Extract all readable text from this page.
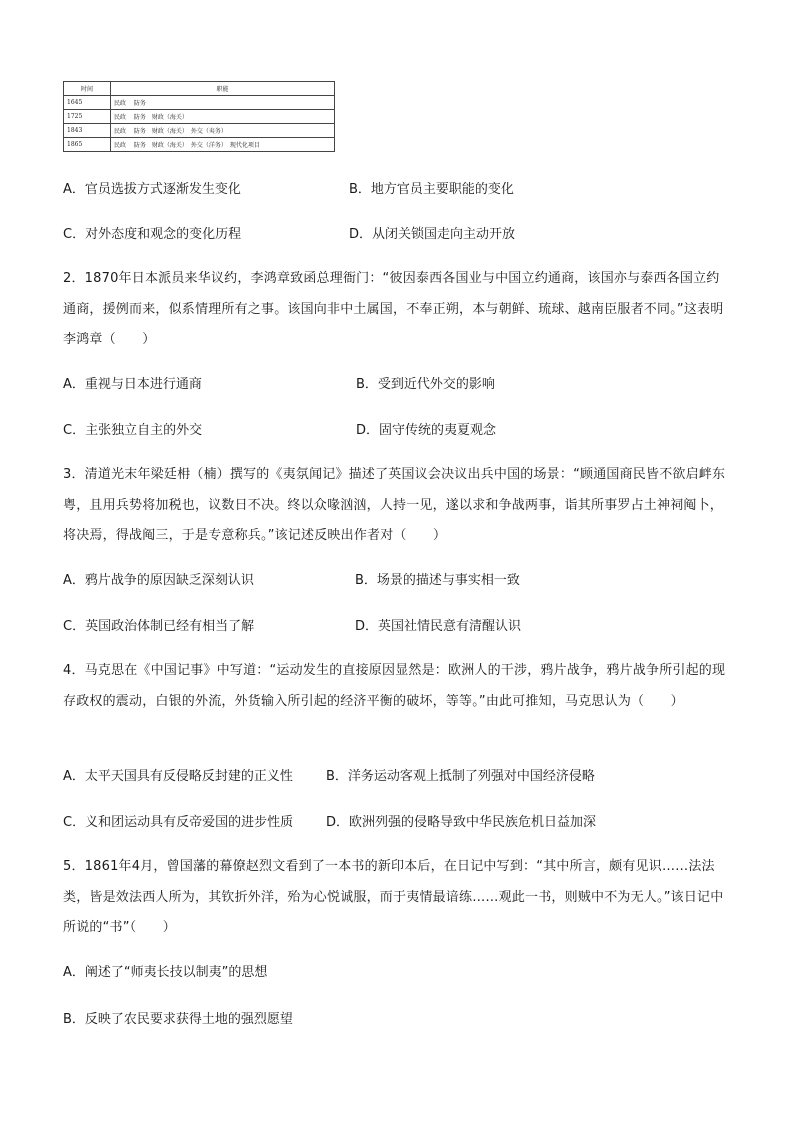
时间	职能
1645	民政　 防务
1725	民政　 防务　财政（海关）
1843	民政　 防务　财政（海关）　外交（夷务）
1865	民政　 防务　财政（海关）　外交（洋务）　现代化项目
A．官员选拔方式逐渐发生变化	B．地方官员主要职能的变化
C．对外态度和观念的变化历程	D．从闭关锁国走向主动开放
2．1870年日本派员来华议约，李鸿章致函总理衙门：“彼因泰西各国业与中国立约通商，该国亦与泰西各国立约通商，援例而来，似系情理所有之事。该国向非中土属国，不奉正朔，本与朝鲜、琉球、越南臣服者不同。”这表明李鸿章（　　）
A．重视与日本进行通商	B．受到近代外交的影响
C．主张独立自主的外交	D．固守传统的夷夏观念
3．清道光末年梁廷枏（楠）撰写的《夷氛闻记》描述了英国议会决议出兵中国的场景：“顾通国商民皆不欲启衅东粤，且用兵势将加税也，议数日不决。终以众喙汹汹，人持一见，遂以求和争战两事，诣其所事罗占土神祠阄卜，将决焉，得战阄三，于是专意称兵。”该记述反映出作者对（　　）
A．鸦片战争的原因缺乏深刻认识	B．场景的描述与事实相一致
C．英国政治体制已经有相当了解	D．英国社情民意有清醒认识
4．马克思在《中国记事》中写道：“运动发生的直接原因显然是：欧洲人的干涉，鸦片战争，鸦片战争所引起的现存政权的震动，白银的外流，外货输入所引起的经济平衡的破坏，等等。”由此可推知，马克思认为（　　）
A．太平天国具有反侵略反封建的正义性	B．洋务运动客观上抵制了列强对中国经济侵略
C．义和团运动具有反帝爱国的进步性质	D．欧洲列强的侵略导致中华民族危机日益加深
5．1861年4月，曾国藩的幕僚赵烈文看到了一本书的新印本后，在日记中写到：“其中所言，颇有见识……法法类，皆是效法西人所为，其钦折外洋，殆为心悦诚服，而于夷情最谙练……观此一书，则贼中不为无人。”该日记中所说的“书”（　　）
A．阐述了“师夷长技以制夷”的思想
B．反映了农民要求获得土地的强烈愿望
